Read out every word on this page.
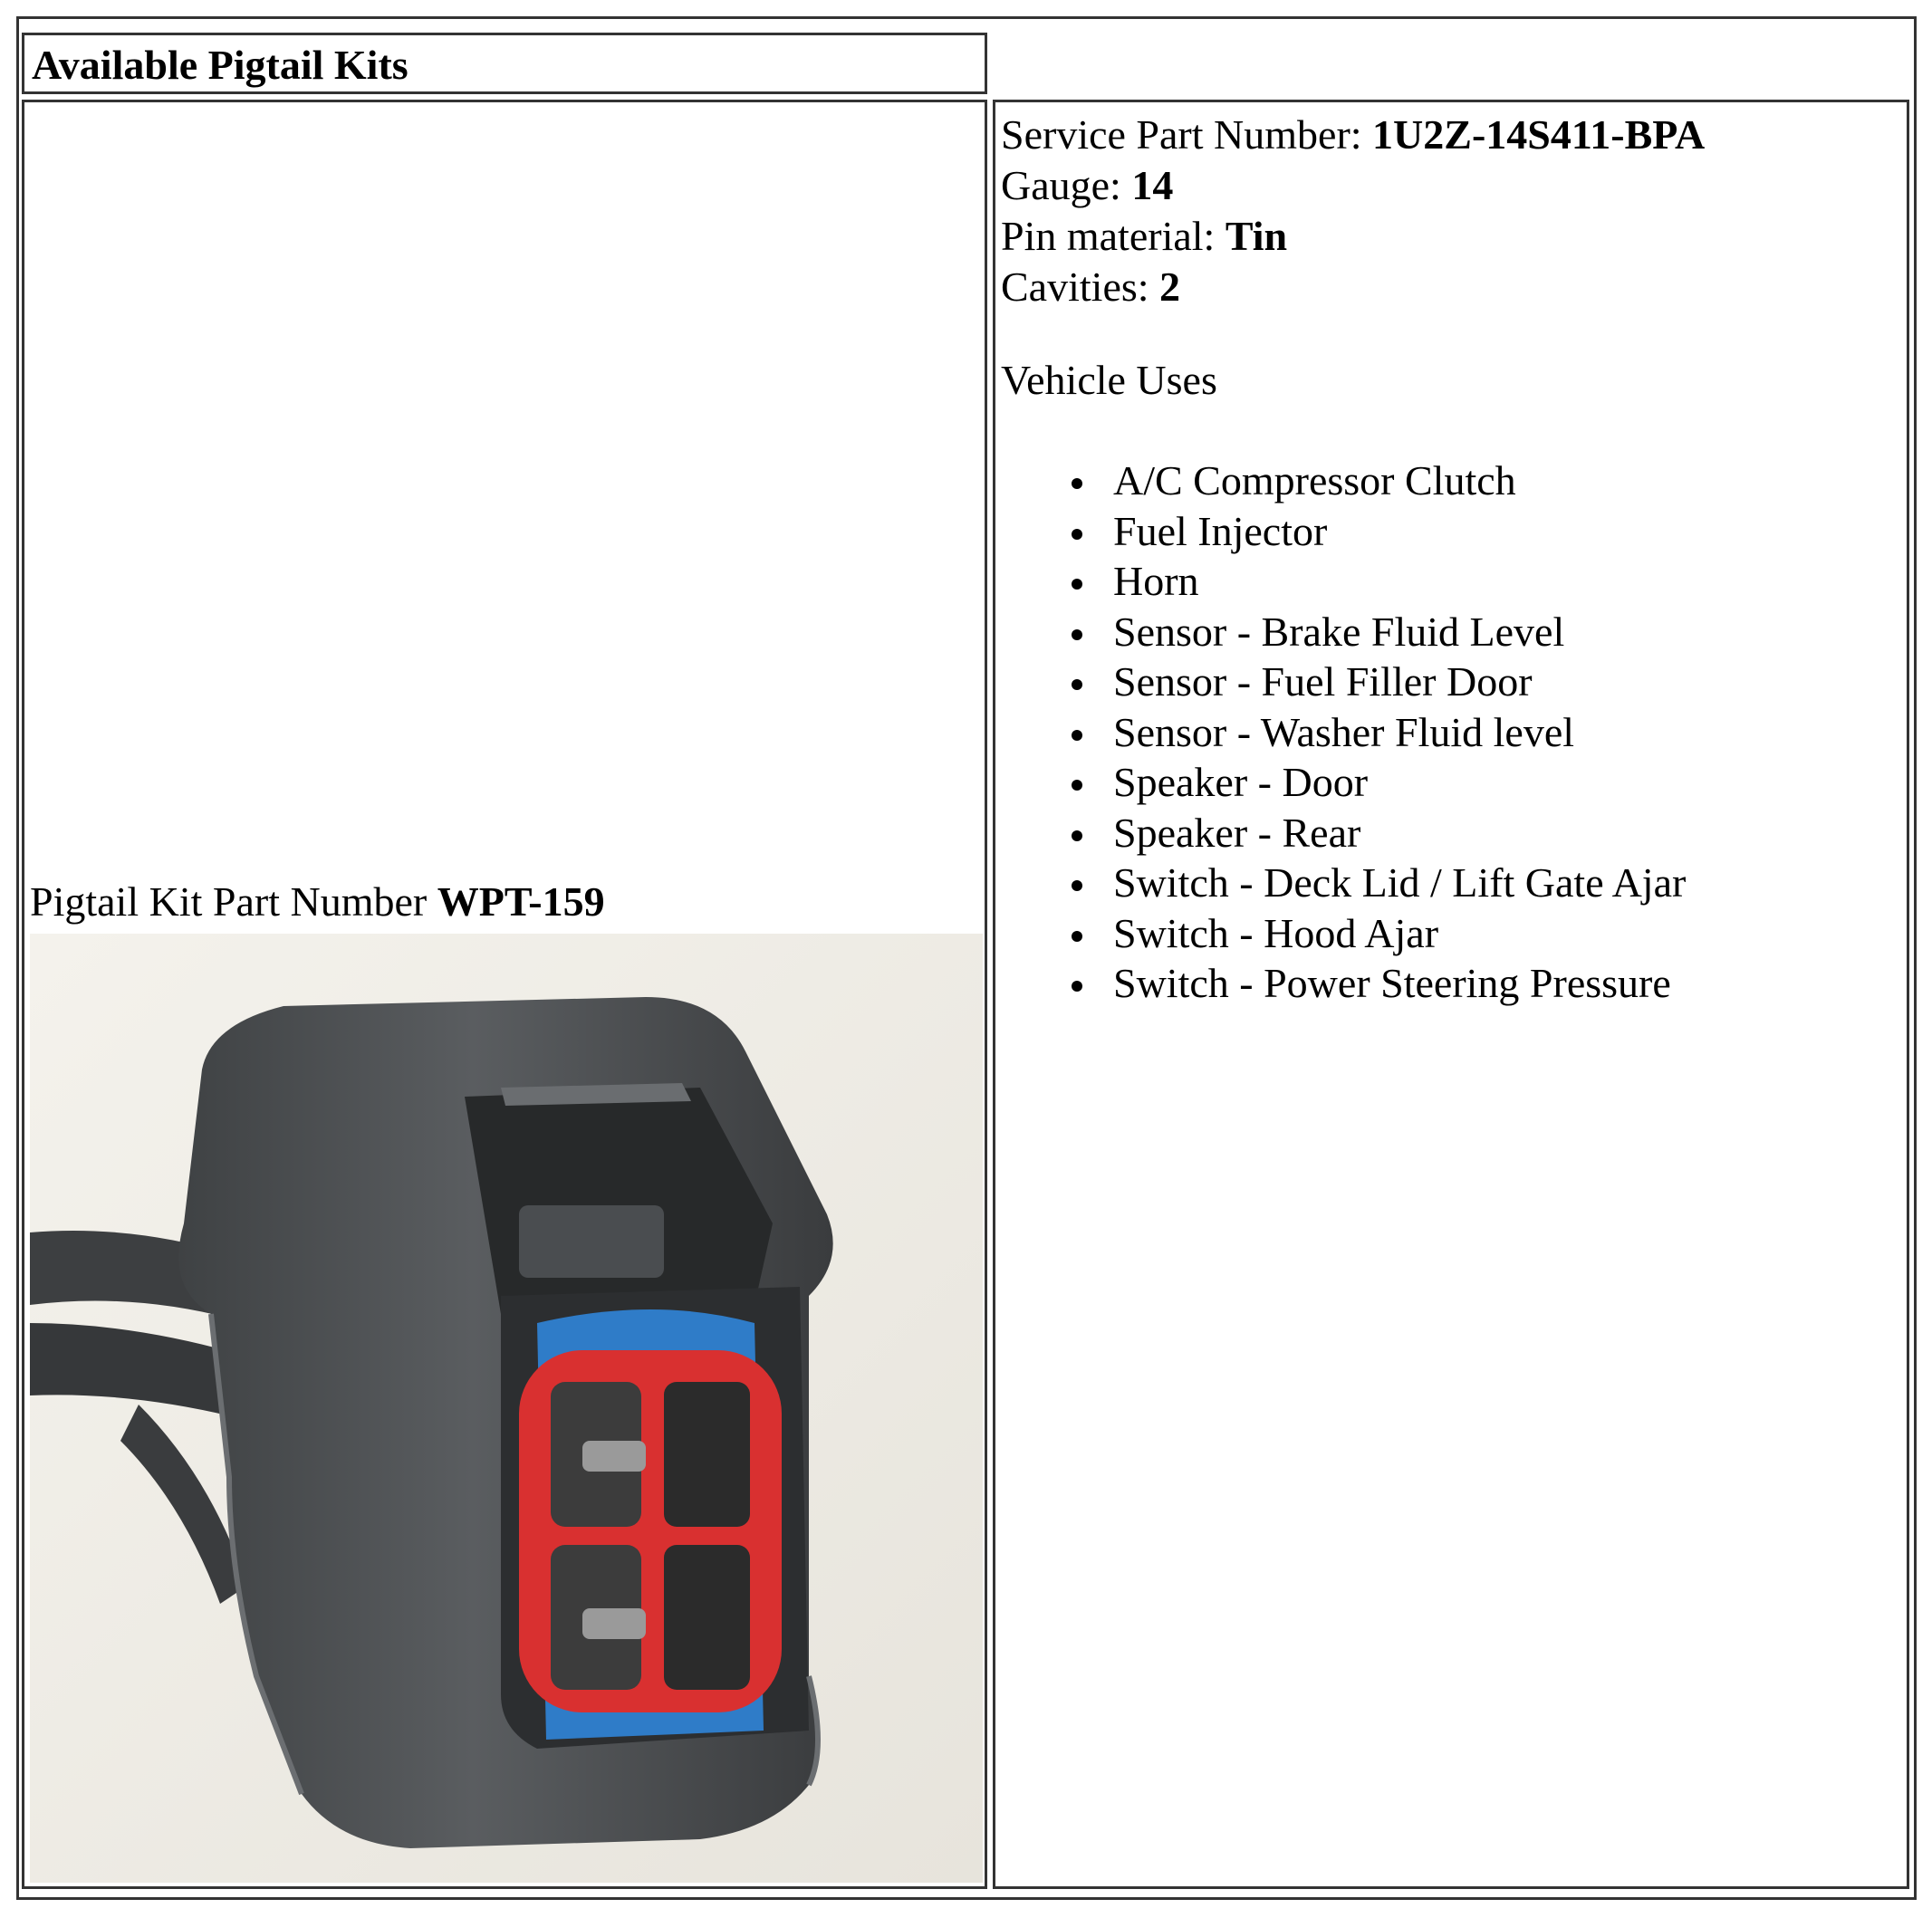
Available Pigtail Kits
Pigtail Kit Part Number WPT-159
Service Part Number: 1U2Z-14S411-BPA
Gauge: 14
Pin material: Tin
Cavities: 2
Vehicle Uses
A/C Compressor Clutch
Fuel Injector
Horn
Sensor - Brake Fluid Level
Sensor - Fuel Filler Door
Sensor - Washer Fluid level
Speaker - Door
Speaker - Rear
Switch - Deck Lid / Lift Gate Ajar
Switch - Hood Ajar
Switch - Power Steering Pressure
